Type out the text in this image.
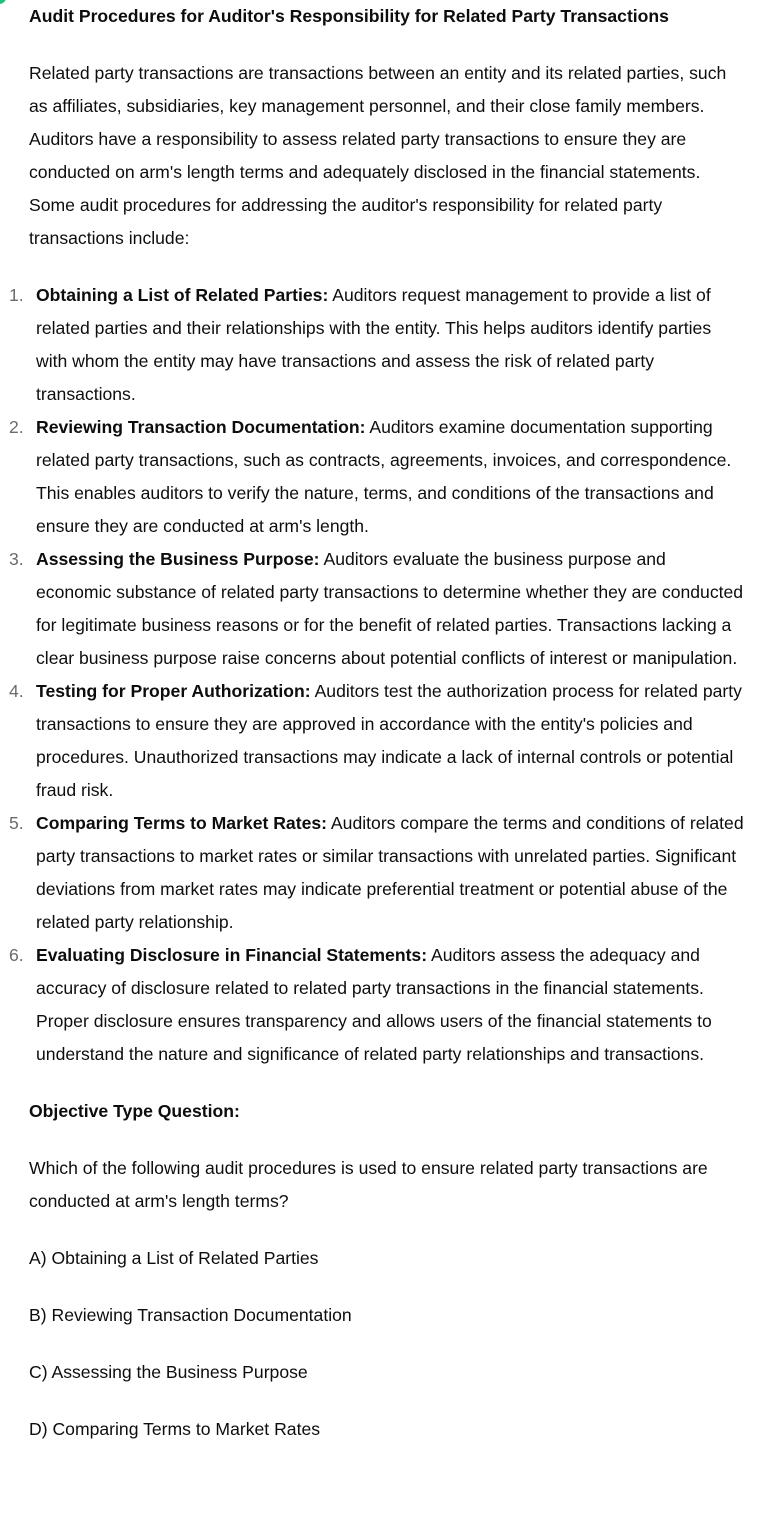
Audit Procedures for Auditor's Responsibility for Related Party Transactions

Related party transactions are transactions between an entity and its related parties, such as affiliates, subsidiaries, key management personnel, and their close family members. Auditors have a responsibility to assess related party transactions to ensure they are conducted on arm's length terms and adequately disclosed in the financial statements. Some audit procedures for addressing the auditor's responsibility for related party transactions include:

1. Obtaining a List of Related Parties: Auditors request management to provide a list of related parties and their relationships with the entity. This helps auditors identify parties with whom the entity may have transactions and assess the risk of related party transactions.
2. Reviewing Transaction Documentation: Auditors examine documentation supporting related party transactions, such as contracts, agreements, invoices, and correspondence. This enables auditors to verify the nature, terms, and conditions of the transactions and ensure they are conducted at arm's length.
3. Assessing the Business Purpose: Auditors evaluate the business purpose and economic substance of related party transactions to determine whether they are conducted for legitimate business reasons or for the benefit of related parties. Transactions lacking a clear business purpose raise concerns about potential conflicts of interest or manipulation.
4. Testing for Proper Authorization: Auditors test the authorization process for related party transactions to ensure they are approved in accordance with the entity's policies and procedures. Unauthorized transactions may indicate a lack of internal controls or potential fraud risk.
5. Comparing Terms to Market Rates: Auditors compare the terms and conditions of related party transactions to market rates or similar transactions with unrelated parties. Significant deviations from market rates may indicate preferential treatment or potential abuse of the related party relationship.
6. Evaluating Disclosure in Financial Statements: Auditors assess the adequacy and accuracy of disclosure related to related party transactions in the financial statements. Proper disclosure ensures transparency and allows users of the financial statements to understand the nature and significance of related party relationships and transactions.

Objective Type Question:

Which of the following audit procedures is used to ensure related party transactions are conducted at arm's length terms?

A) Obtaining a List of Related Parties

B) Reviewing Transaction Documentation

C) Assessing the Business Purpose

D) Comparing Terms to Market Rates
